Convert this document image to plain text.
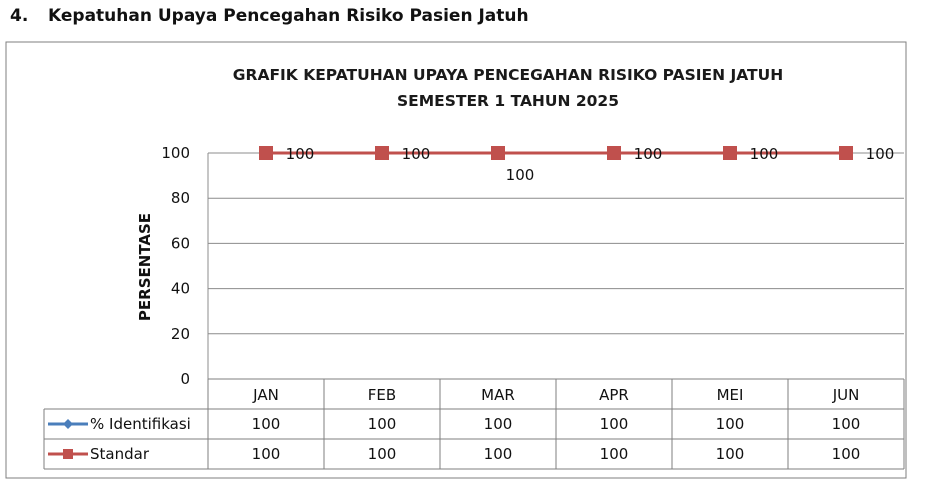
4. Kepatuhan Upaya Pencegahan Risiko Pasien Jatuh
GRAFIK KEPATUHAN UPAYA PENCEGAHAN RISIKO PASIEN JATUH
SEMESTER 1 TAHUN 2025
PERSENTASE
0
20
40
60
80
100
JAN	FEB	MAR	APR	MEI	JUN
% Identifikasi	100	100	100	100	100	100
Standar	100	100	100	100	100	100
100	100
100
100	100	100
